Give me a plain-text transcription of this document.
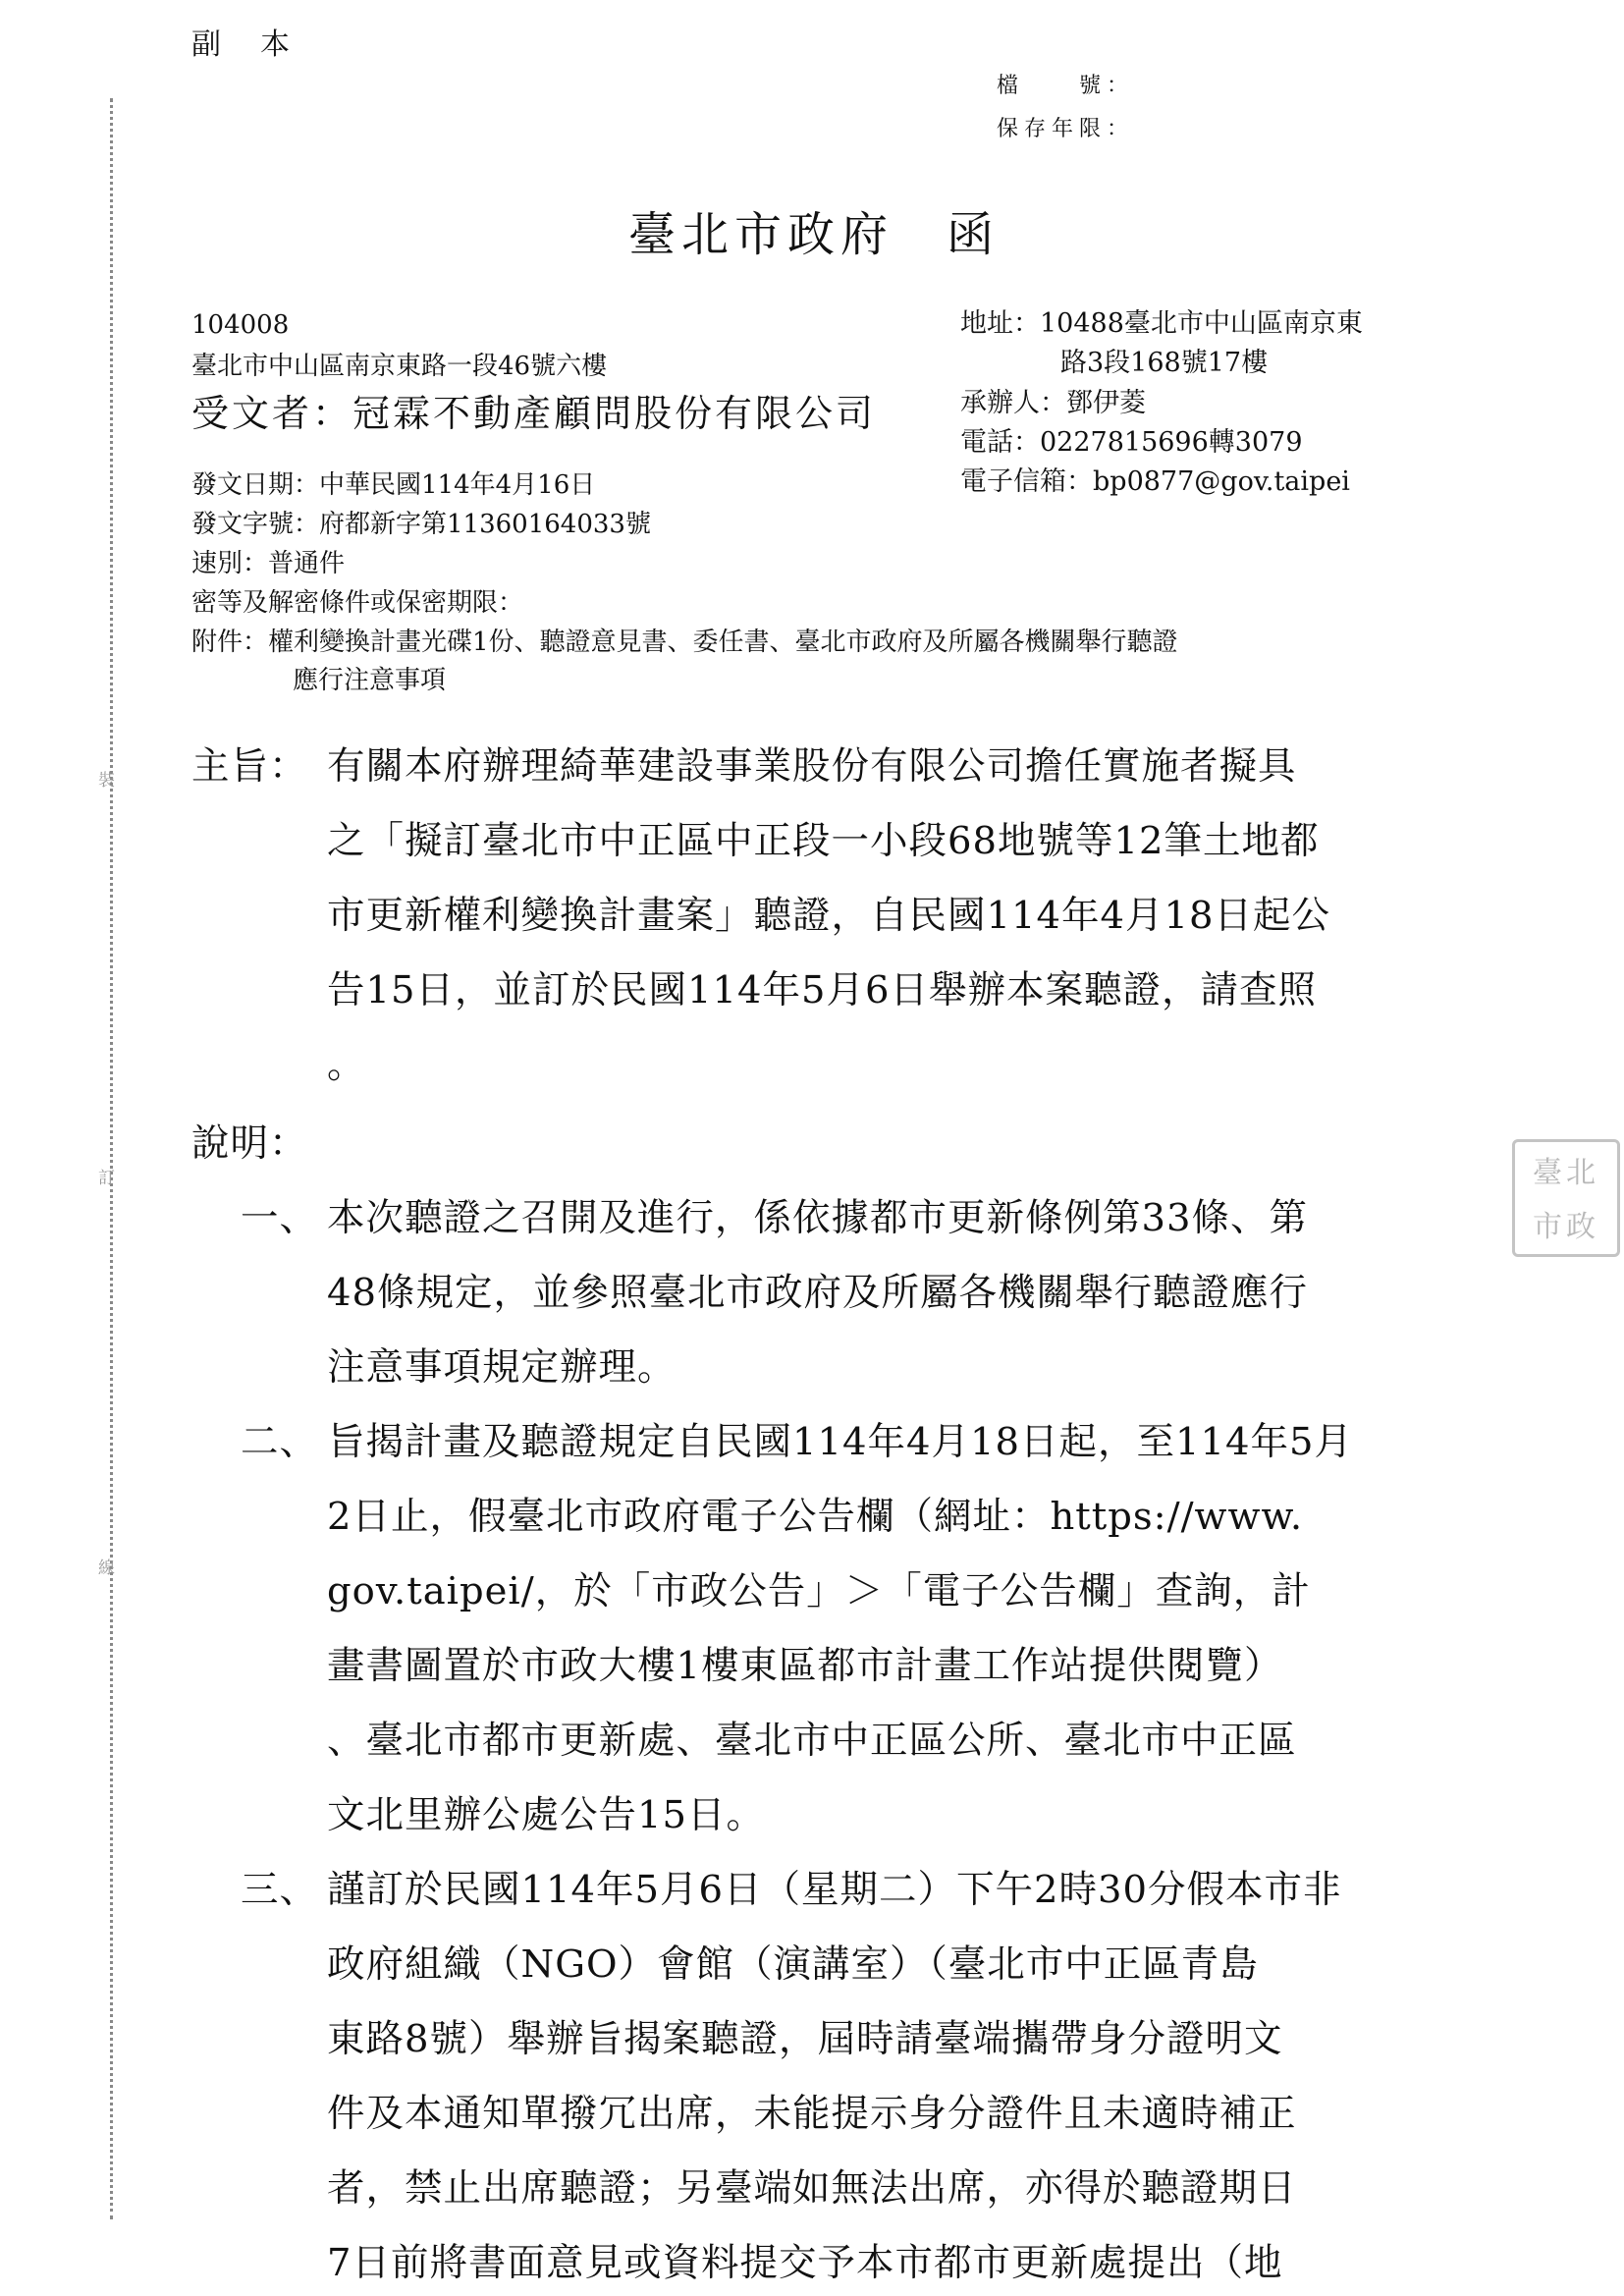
裝
訂
線
副本
檔　　號：
保存年限：
臺北市政府　函
104008
臺北市中山區南京東路一段46號六樓
受文者：冠霖不動產顧問股份有限公司
地址：10488臺北市中山區南京東
路3段168號17樓
承辦人：鄧伊菱
電話：0227815696轉3079
電子信箱：bp0877@gov.taipei
發文日期：中華民國114年4月16日
發文字號：府都新字第11360164033號
速別：普通件
密等及解密條件或保密期限：
附件：權利變換計畫光碟1份、聽證意見書、委任書、臺北市政府及所屬各機關舉行聽證
應行注意事項
主旨： 有關本府辦理綺華建設事業股份有限公司擔任實施者擬具
之「擬訂臺北市中正區中正段一小段68地號等12筆土地都
市更新權利變換計畫案」聽證，自民國114年4月18日起公
告15日，並訂於民國114年5月6日舉辦本案聽證，請查照
。
說明：
一、 本次聽證之召開及進行，係依據都市更新條例第33條、第
48條規定，並參照臺北市政府及所屬各機關舉行聽證應行
注意事項規定辦理。
二、 旨揭計畫及聽證規定自民國114年4月18日起，至114年5月
2日止，假臺北市政府電子公告欄（網址：https://www.
gov.taipei/，於「市政公告」＞「電子公告欄」查詢，計
畫書圖置於市政大樓1樓東區都市計畫工作站提供閱覽）
、臺北市都市更新處、臺北市中正區公所、臺北市中正區
文北里辦公處公告15日。
三、 謹訂於民國114年5月6日（星期二）下午2時30分假本市非
政府組織（NGO）會館（演講室）（臺北市中正區青島
東路8號）舉辦旨揭案聽證，屆時請臺端攜帶身分證明文
件及本通知單撥冗出席，未能提示身分證件且未適時補正
者，禁止出席聽證；另臺端如無法出席，亦得於聽證期日
7日前將書面意見或資料提交予本市都市更新處提出（地
臺北
市政
